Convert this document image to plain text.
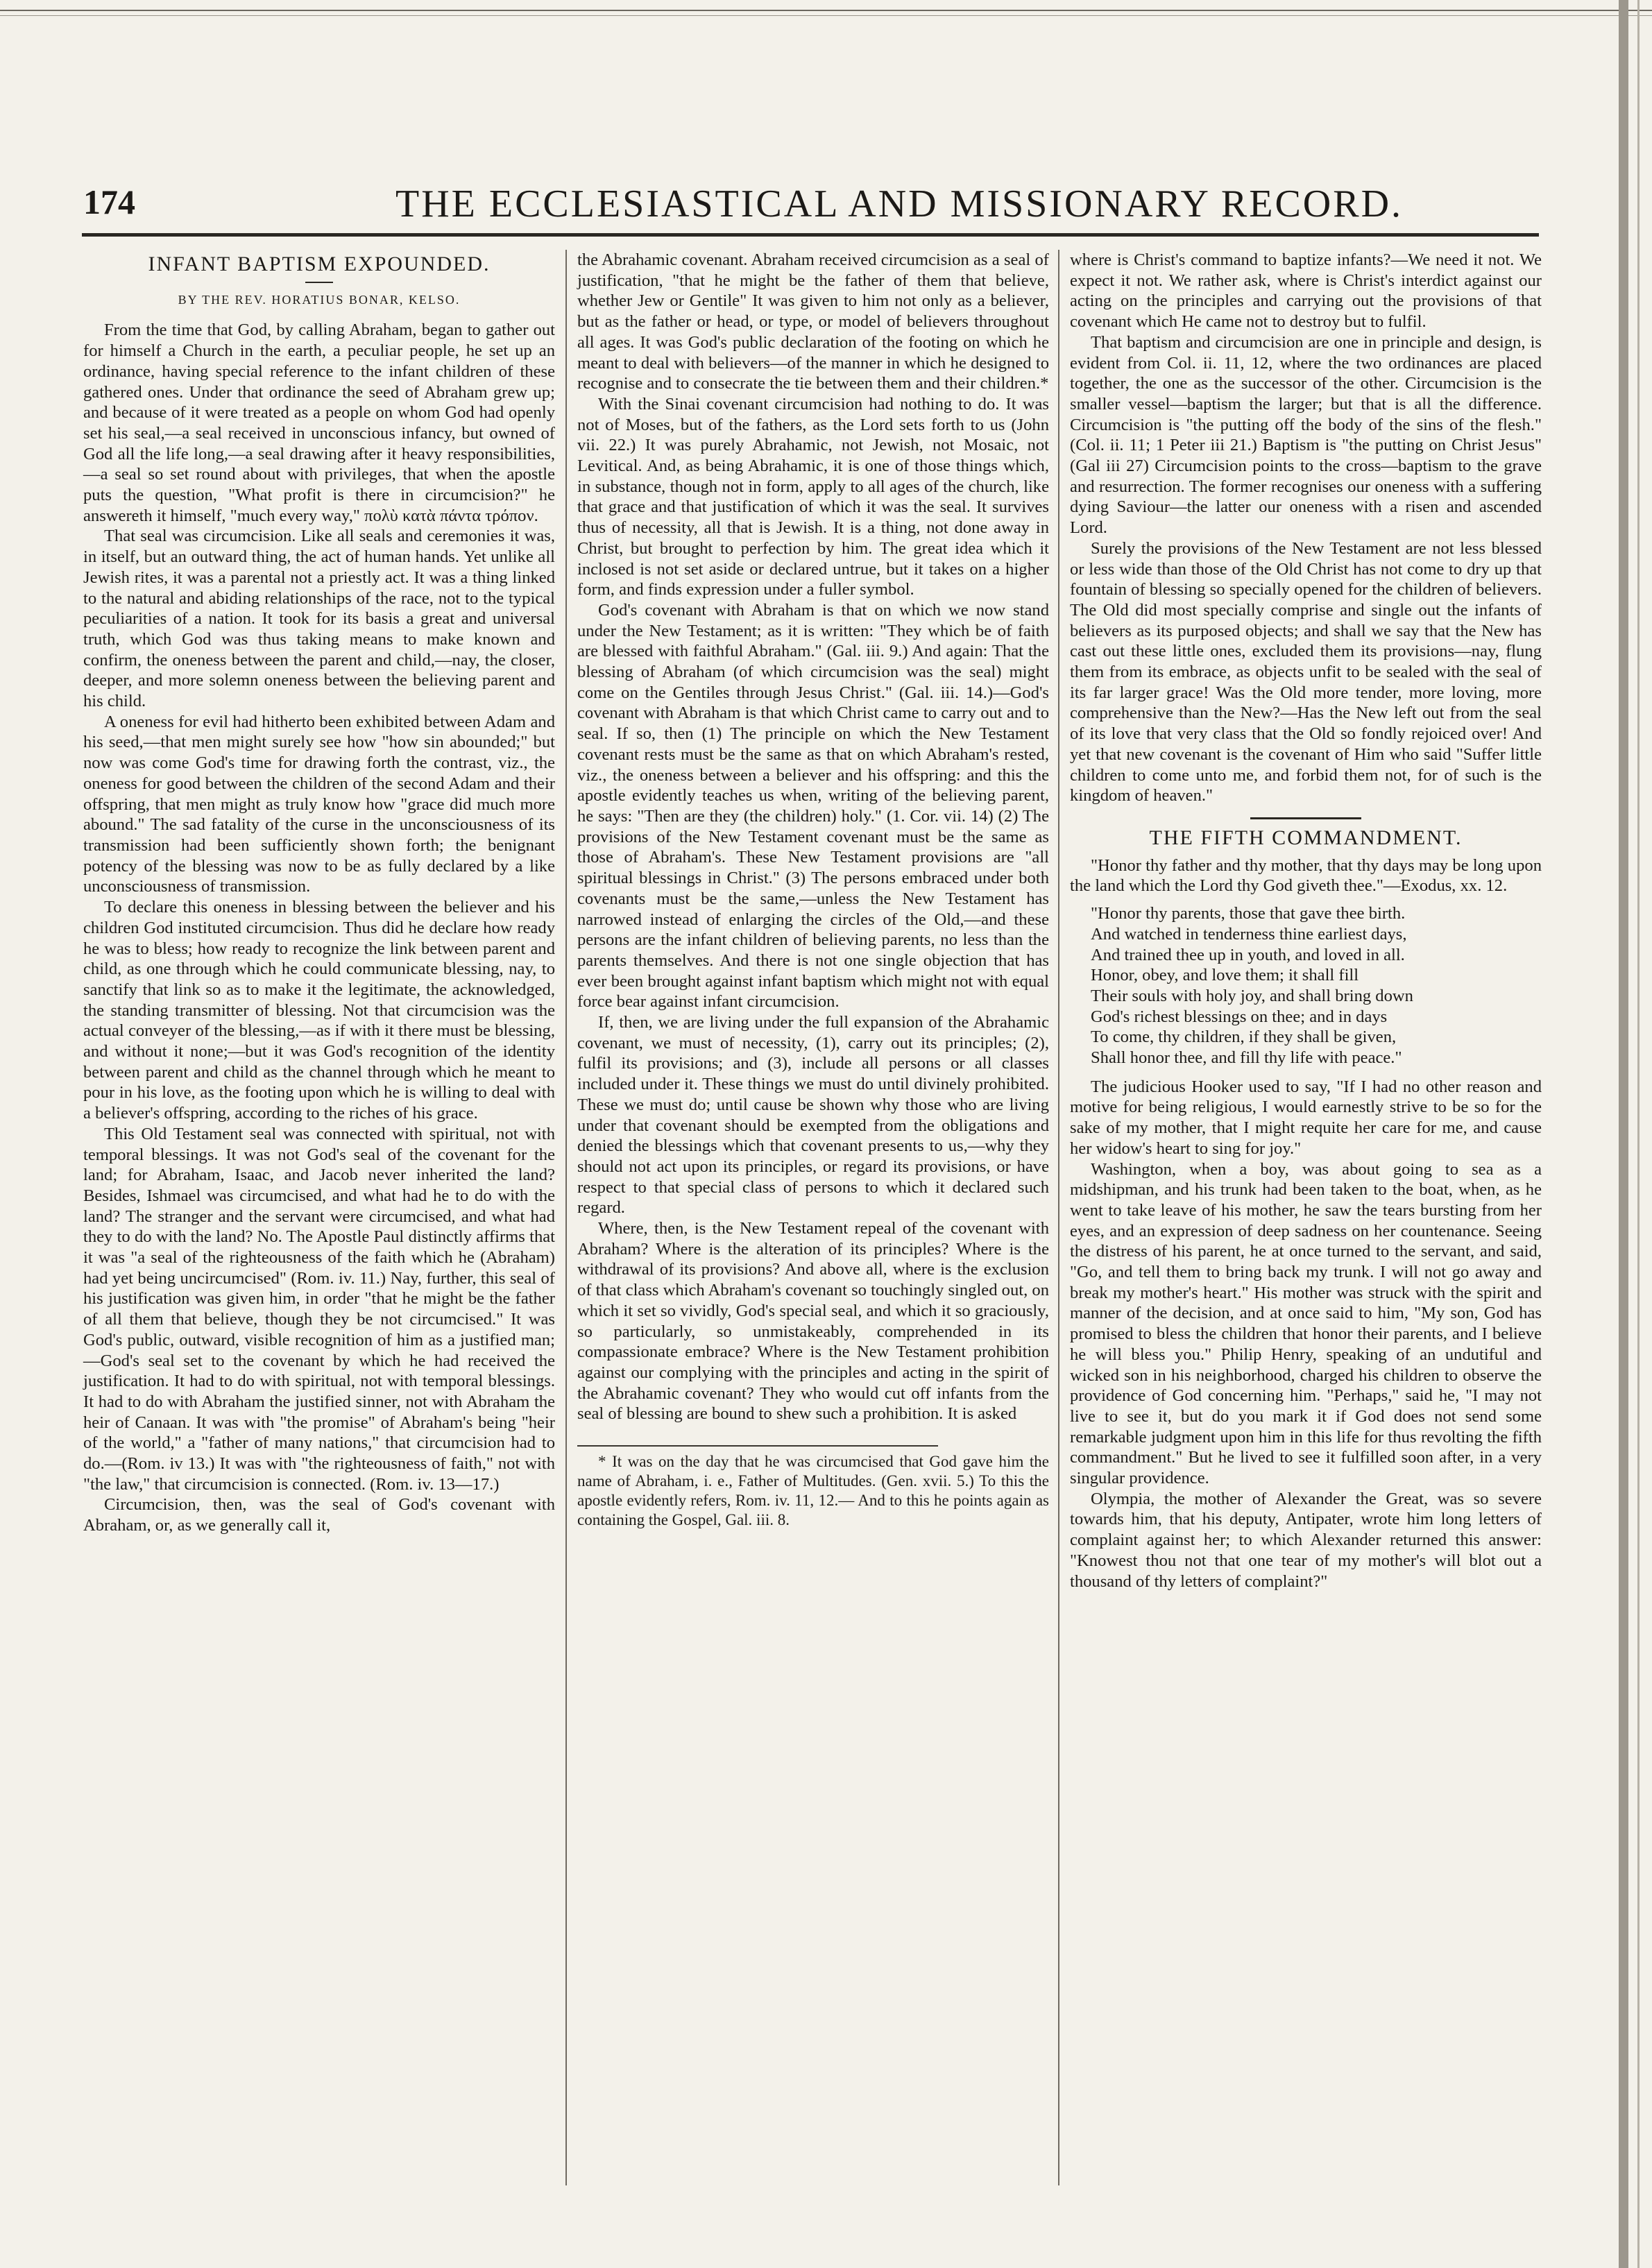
174	THE ECCLESIASTICAL AND MISSIONARY RECORD.
INFANT BAPTISM EXPOUNDED.
BY THE REV. HORATIUS BONAR, KELSO.

From the time that God, by calling Abraham, began to gather out for himself a Church in the earth, a peculiar people, he set up an ordinance, having special reference to the infant children of these gathered ones. Under that ordinance the seed of Abraham grew up; and because of it were treated as a people on whom God had openly set his seal,—a seal received in unconscious infancy, but owned of God all the life long,—a seal drawing after it heavy responsibilities,—a seal so set round about with privileges, that when the apostle puts the question, "What profit is there in circumcision?" he answereth it himself, "much every way," πολὺ κατὰ πάντα τρόπον.

That seal was circumcision. Like all seals and ceremonies it was, in itself, but an outward thing, the act of human hands. Yet unlike all Jewish rites, it was a parental not a priestly act. It was a thing linked to the natural and abiding relationships of the race, not to the typical peculiarities of a nation. It took for its basis a great and universal truth, which God was thus taking means to make known and confirm, the oneness between the parent and child,—nay, the closer, deeper, and more solemn oneness between the believing parent and his child.

A oneness for evil had hitherto been exhibited between Adam and his seed,—that men might surely see how "how sin abounded;" but now was come God's time for drawing forth the contrast, viz., the oneness for good between the children of the second Adam and their offspring, that men might as truly know how "grace did much more abound." The sad fatality of the curse in the unconsciousness of its transmission had been sufficiently shown forth; the benignant potency of the blessing was now to be as fully declared by a like unconsciousness of transmission.

To declare this oneness in blessing between the believer and his children God instituted circumcision. Thus did he declare how ready he was to bless; how ready to recognize the link between parent and child, as one through which he could communicate blessing, nay, to sanctify that link so as to make it the legitimate, the acknowledged, the standing transmitter of blessing. Not that circumcision was the actual conveyer of the blessing,—as if with it there must be blessing, and without it none;—but it was God's recognition of the identity between parent and child as the channel through which he meant to pour in his love, as the footing upon which he is willing to deal with a believer's offspring, according to the riches of his grace.

This Old Testament seal was connected with spiritual, not with temporal blessings. It was not God's seal of the covenant for the land; for Abraham, Isaac, and Jacob never inherited the land? Besides, Ishmael was circumcised, and what had he to do with the land? The stranger and the servant were circumcised, and what had they to do with the land? No. The Apostle Paul distinctly affirms that it was "a seal of the righteousness of the faith which he (Abraham) had yet being uncircumcised" (Rom. iv. 11.) Nay, further, this seal of his justification was given him, in order "that he might be the father of all them that believe, though they be not circumcised." It was God's public, outward, visible recognition of him as a justified man;—God's seal set to the covenant by which he had received the justification. It had to do with spiritual, not with temporal blessings. It had to do with Abraham the justified sinner, not with Abraham the heir of Canaan. It was with "the promise" of Abraham's being "heir of the world," a "father of many nations," that circumcision had to do.—(Rom. iv 13.) It was with "the righteousness of faith," not with "the law," that circumcision is connected. (Rom. iv. 13—17.)

Circumcision, then, was the seal of God's covenant with Abraham, or, as we generally call it,

the Abrahamic covenant. Abraham received circumcision as a seal of justification, "that he might be the father of them that believe, whether Jew or Gentile" It was given to him not only as a believer, but as the father or head, or type, or model of believers throughout all ages. It was God's public declaration of the footing on which he meant to deal with believers—of the manner in which he designed to recognise and to consecrate the tie between them and their children.*

With the Sinai covenant circumcision had nothing to do. It was not of Moses, but of the fathers, as the Lord sets forth to us (John vii. 22.) It was purely Abrahamic, not Jewish, not Mosaic, not Levitical. And, as being Abrahamic, it is one of those things which, in substance, though not in form, apply to all ages of the church, like that grace and that justification of which it was the seal. It survives thus of necessity, all that is Jewish. It is a thing, not done away in Christ, but brought to perfection by him. The great idea which it inclosed is not set aside or declared untrue, but it takes on a higher form, and finds expression under a fuller symbol.

God's covenant with Abraham is that on which we now stand under the New Testament; as it is written: "They which be of faith are blessed with faithful Abraham." (Gal. iii. 9.) And again: That the blessing of Abraham (of which circumcision was the seal) might come on the Gentiles through Jesus Christ." (Gal. iii. 14.)—God's covenant with Abraham is that which Christ came to carry out and to seal. If so, then (1) The principle on which the New Testament covenant rests must be the same as that on which Abraham's rested, viz., the oneness between a believer and his offspring: and this the apostle evidently teaches us when, writing of the believing parent, he says: "Then are they (the children) holy." (1. Cor. vii. 14) (2) The provisions of the New Testament covenant must be the same as those of Abraham's. These New Testament provisions are "all spiritual blessings in Christ." (3) The persons embraced under both covenants must be the same,—unless the New Testament has narrowed instead of enlarging the circles of the Old,—and these persons are the infant children of believing parents, no less than the parents themselves. And there is not one single objection that has ever been brought against infant baptism which might not with equal force bear against infant circumcision.

If, then, we are living under the full expansion of the Abrahamic covenant, we must of necessity, (1), carry out its principles; (2), fulfil its provisions; and (3), include all persons or all classes included under it. These things we must do until divinely prohibited. These we must do; until cause be shown why those who are living under that covenant should be exempted from the obligations and denied the blessings which that covenant presents to us,—why they should not act upon its principles, or regard its provisions, or have respect to that special class of persons to which it declared such regard.

Where, then, is the New Testament repeal of the covenant with Abraham? Where is the alteration of its principles? Where is the withdrawal of its provisions? And above all, where is the exclusion of that class which Abraham's covenant so touchingly singled out, on which it set so vividly, God's special seal, and which it so graciously, so particularly, so unmistakeably, comprehended in its compassionate embrace? Where is the New Testament prohibition against our complying with the principles and acting in the spirit of the Abrahamic covenant? They who would cut off infants from the seal of blessing are bound to shew such a prohibition. It is asked

* It was on the day that he was circumcised that God gave him the name of Abraham, i. e., Father of Multitudes. (Gen. xvii. 5.) To this the apostle evidently refers, Rom. iv. 11, 12.— And to this he points again as containing the Gospel, Gal. iii. 8.

where is Christ's command to baptize infants?—We need it not. We expect it not. We rather ask, where is Christ's interdict against our acting on the principles and carrying out the provisions of that covenant which He came not to destroy but to fulfil.

That baptism and circumcision are one in principle and design, is evident from Col. ii. 11, 12, where the two ordinances are placed together, the one as the successor of the other. Circumcision is the smaller vessel—baptism the larger; but that is all the difference. Circumcision is "the putting off the body of the sins of the flesh." (Col. ii. 11; 1 Peter iii 21.) Baptism is "the putting on Christ Jesus" (Gal iii 27) Circumcision points to the cross—baptism to the grave and resurrection. The former recognises our oneness with a suffering dying Saviour—the latter our oneness with a risen and ascended Lord.

Surely the provisions of the New Testament are not less blessed or less wide than those of the Old Christ has not come to dry up that fountain of blessing so specially opened for the children of believers. The Old did most specially comprise and single out the infants of believers as its purposed objects; and shall we say that the New has cast out these little ones, excluded them its provisions—nay, flung them from its embrace, as objects unfit to be sealed with the seal of its far larger grace! Was the Old more tender, more loving, more comprehensive than the New?—Has the New left out from the seal of its love that very class that the Old so fondly rejoiced over! And yet that new covenant is the covenant of Him who said "Suffer little children to come unto me, and forbid them not, for of such is the kingdom of heaven."

THE FIFTH COMMANDMENT.

"Honor thy father and thy mother, that thy days may be long upon the land which the Lord thy God giveth thee."—Exodus, xx. 12.

"Honor thy parents, those that gave thee birth.
And watched in tenderness thine earliest days,
And trained thee up in youth, and loved in all.
Honor, obey, and love them; it shall fill
Their souls with holy joy, and shall bring down
God's richest blessings on thee; and in days
To come, thy children, if they shall be given,
Shall honor thee, and fill thy life with peace."

The judicious Hooker used to say, "If I had no other reason and motive for being religious, I would earnestly strive to be so for the sake of my mother, that I might requite her care for me, and cause her widow's heart to sing for joy."

Washington, when a boy, was about going to sea as a midshipman, and his trunk had been taken to the boat, when, as he went to take leave of his mother, he saw the tears bursting from her eyes, and an expression of deep sadness on her countenance. Seeing the distress of his parent, he at once turned to the servant, and said, "Go, and tell them to bring back my trunk. I will not go away and break my mother's heart." His mother was struck with the spirit and manner of the decision, and at once said to him, "My son, God has promised to bless the children that honor their parents, and I believe he will bless you." Philip Henry, speaking of an undutiful and wicked son in his neighborhood, charged his children to observe the providence of God concerning him. "Perhaps," said he, "I may not live to see it, but do you mark it if God does not send some remarkable judgment upon him in this life for thus revolting the fifth commandment." But he lived to see it fulfilled soon after, in a very singular providence.

Olympia, the mother of Alexander the Great, was so severe towards him, that his deputy, Antipater, wrote him long letters of complaint against her; to which Alexander returned this answer: "Knowest thou not that one tear of my mother's will blot out a thousand of thy letters of complaint?"
